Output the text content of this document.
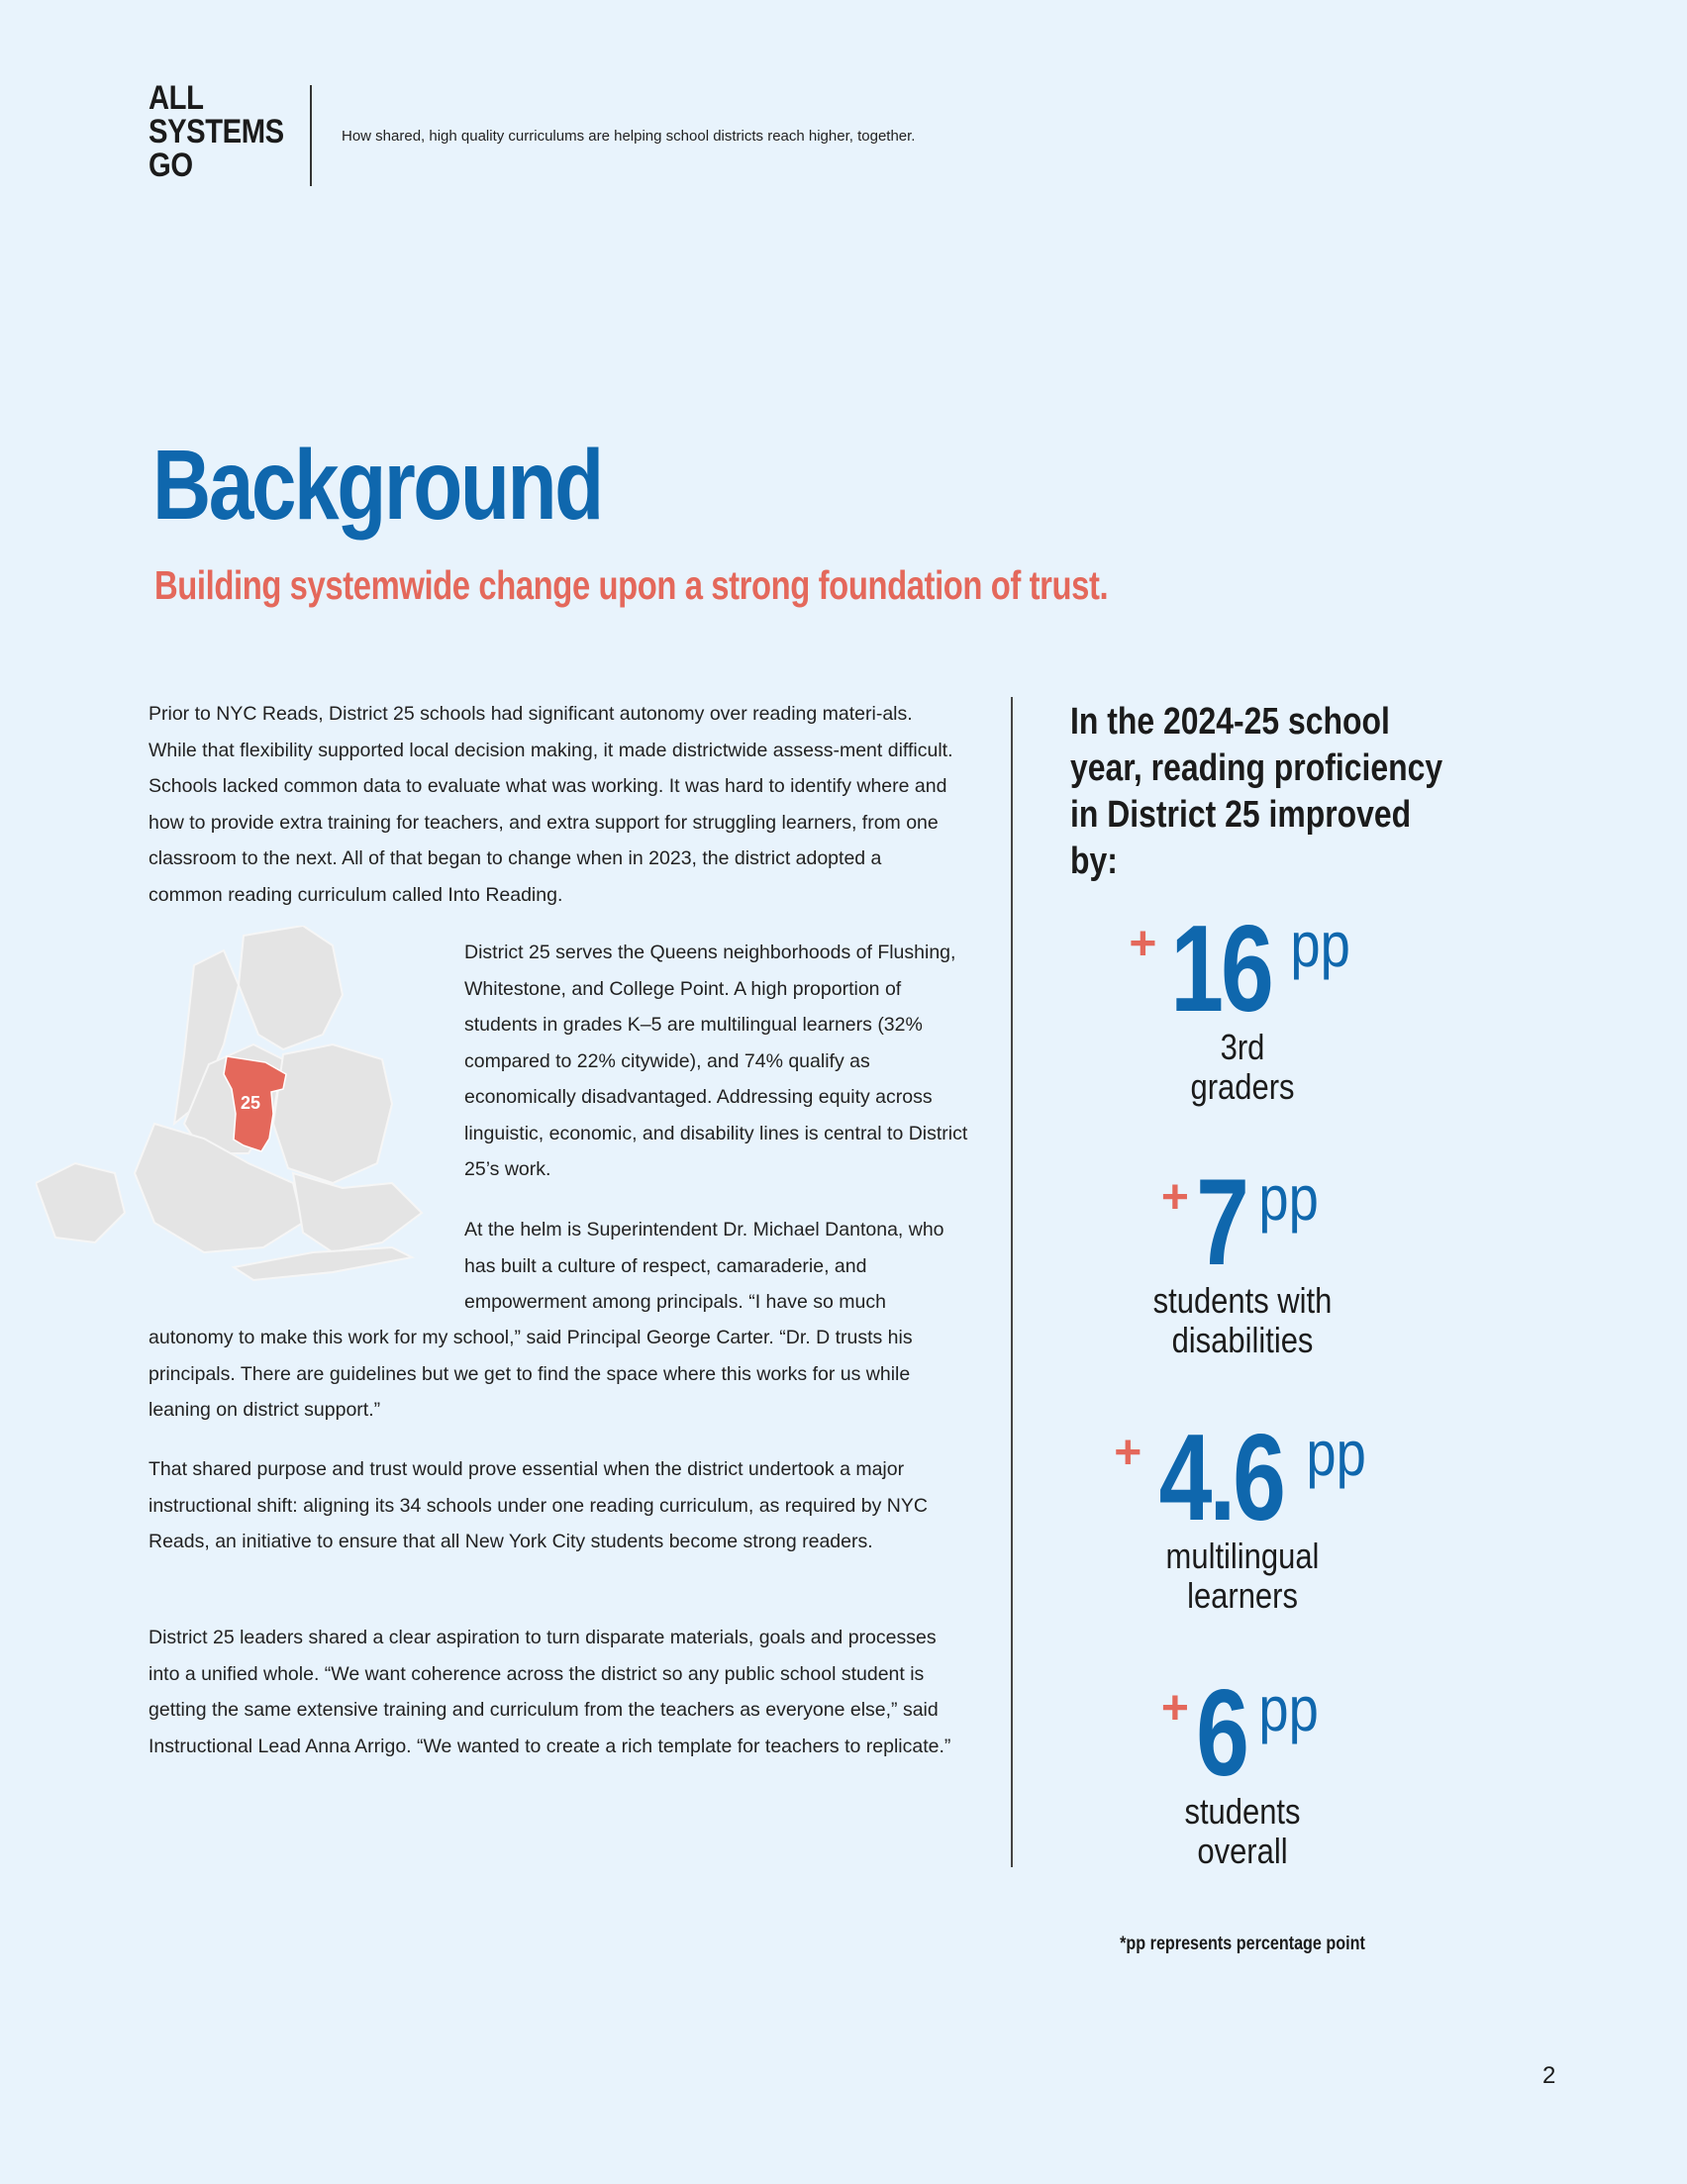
ALL
SYSTEMS
GO
How shared, high quality curriculums are helping school districts reach higher, together.
Background
Building systemwide change upon a strong foundation of trust.

Prior to NYC Reads, District 25 schools had significant autonomy over reading materi-als. While that flexibility supported local decision making, it made districtwide assess-ment difficult. Schools lacked common data to evaluate what was working. It was hard to identify where and how to provide extra training for teachers, and extra support for struggling learners, from one classroom to the next. All of that began to change when in 2023, the district adopted a common reading curriculum called Into Reading.

25

District 25 serves the Queens neighborhoods of Flushing, Whitestone, and College Point. A high proportion of students in grades K–5 are multilingual learners (32% compared to 22% citywide), and 74% qualify as economically disadvantaged. Addressing equity across linguistic, economic, and disability lines is central to District 25’s work.

At the helm is Superintendent Dr. Michael Dantona, who has built a culture of respect, camaraderie, and empowerment among principals. “I have so much

autonomy to make this work for my school,” said Principal George Carter. “Dr. D trusts his principals. There are guidelines but we get to find the space where this works for us while leaning on district support.”

That shared purpose and trust would prove essential when the district undertook a major instructional shift: aligning its 34 schools under one reading curriculum, as required by NYC Reads, an initiative to ensure that all New York City students become strong readers.

District 25 leaders shared a clear aspiration to turn disparate materials, goals and processes into a unified whole. “We want coherence across the district so any public school student is getting the same extensive training and curriculum from the teachers as everyone else,” said Instructional Lead Anna Arrigo. “We wanted to create a rich template for teachers to replicate.”

In the 2024-25 school year, reading proficiency in District 25 improved by:
+ 16 pp
3rd
graders
+ 7 pp
students with
disabilities
+ 4.6 pp
multilingual
learners
+ 6 pp
students
overall
*pp represents percentage point
2
